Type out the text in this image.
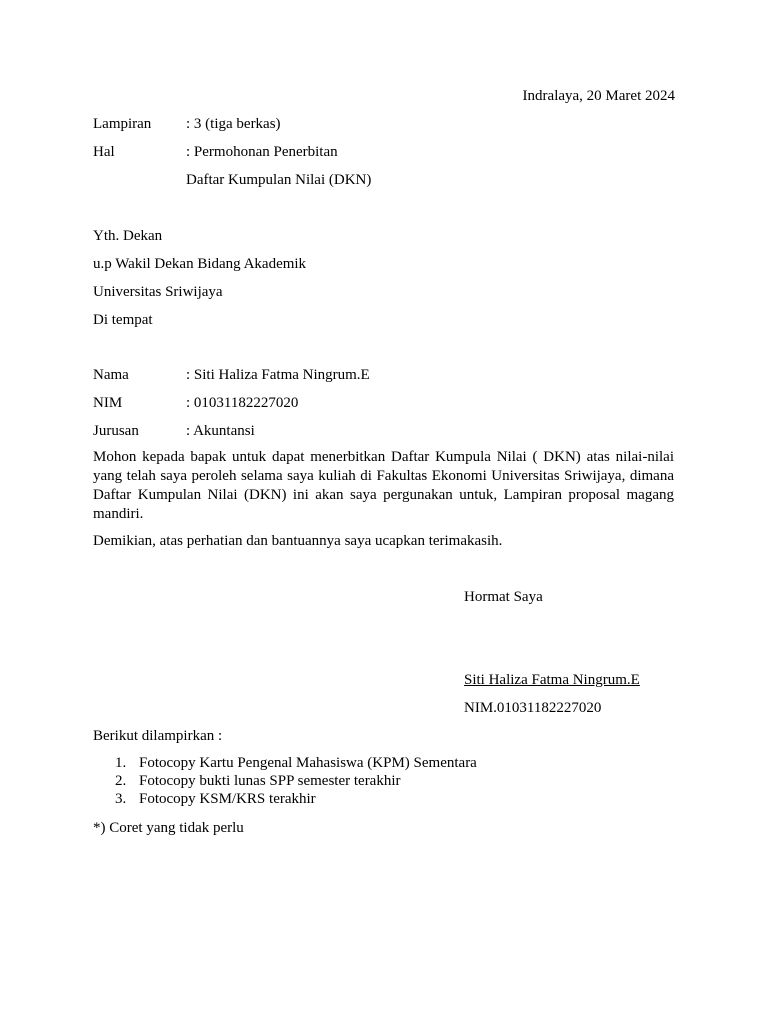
Indralaya, 20 Maret 2024
Lampiran : 3 (tiga berkas)
Hal	: Permohonan Penerbitan
Daftar Kumpulan Nilai (DKN)
Yth. Dekan
u.p Wakil Dekan Bidang Akademik
Universitas Sriwijaya
Di tempat
Nama	: Siti Haliza Fatma Ningrum.E
NIM	: 01031182227020
Jurusan	: Akuntansi
Mohon kepada bapak untuk dapat menerbitkan Daftar Kumpula Nilai ( DKN) atas nilai-nilai yang telah saya peroleh selama saya kuliah di Fakultas Ekonomi Universitas Sriwijaya, dimana Daftar Kumpulan Nilai (DKN) ini akan saya pergunakan untuk, Lampiran proposal magang mandiri.
Demikian, atas perhatian dan bantuannya saya ucapkan terimakasih.
Hormat Saya
Siti Haliza Fatma Ningrum.E
NIM.01031182227020
Berikut dilampirkan :
1. Fotocopy Kartu Pengenal Mahasiswa (KPM) Sementara
2. Fotocopy bukti lunas SPP semester terakhir
3. Fotocopy KSM/KRS terakhir
*) Coret yang tidak perlu
